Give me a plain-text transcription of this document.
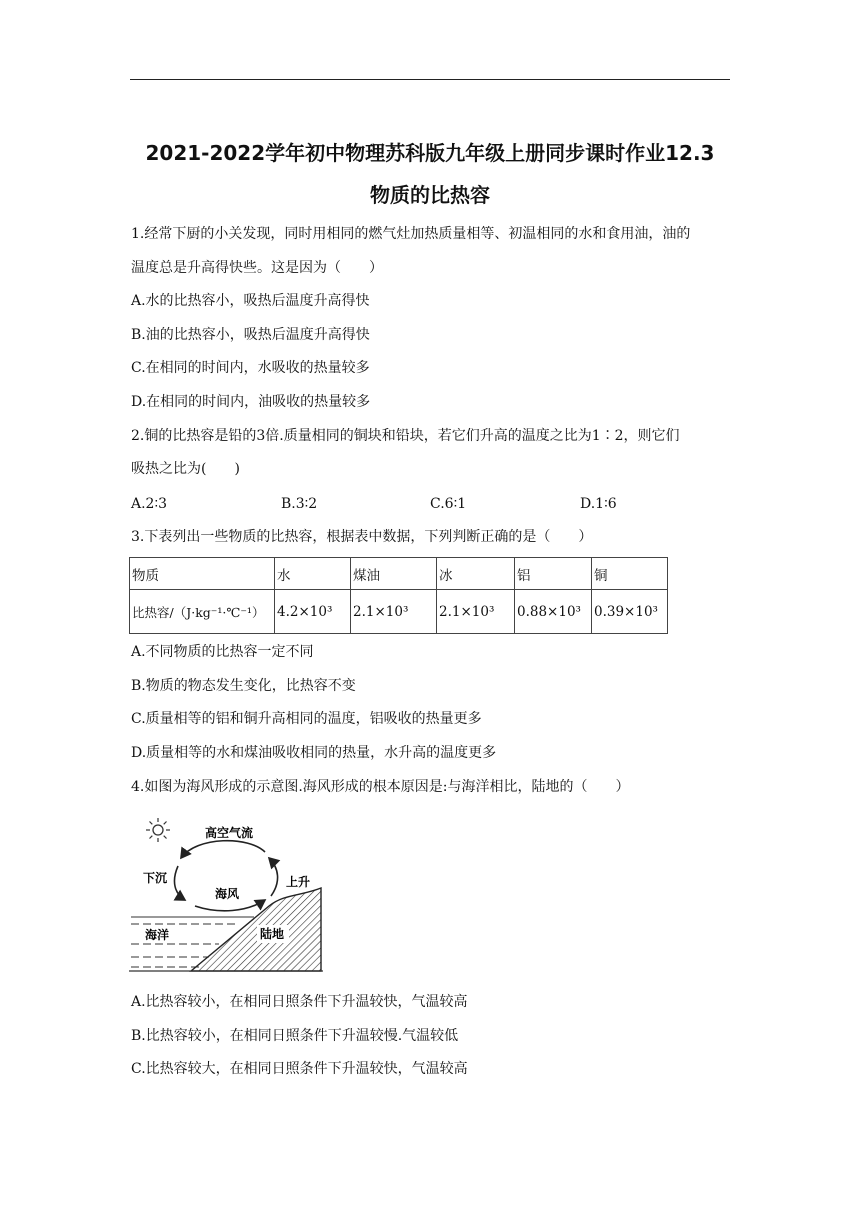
2021-2022学年初中物理苏科版九年级上册同步课时作业12.3
物质的比热容
1.经常下厨的小关发现，同时用相同的燃气灶加热质量相等、初温相同的水和食用油，油的
温度总是升高得快些。这是因为（　　）
A.水的比热容小，吸热后温度升高得快
B.油的比热容小，吸热后温度升高得快
C.在相同的时间内，水吸收的热量较多
D.在相同的时间内，油吸收的热量较多
2.铜的比热容是铅的3倍.质量相同的铜块和铅块，若它们升高的温度之比为1∶2，则它们
吸热之比为(　　)
A.2∶3	B.3∶2	C.6∶1	D.1∶6
3.下表列出一些物质的比热容，根据表中数据，下列判断正确的是（　　）
物质	水	煤油	冰	铝	铜
比热容/（J·kg⁻¹·℃⁻¹）	4.2×10³	2.1×10³	2.1×10³	0.88×10³	0.39×10³
A.不同物质的比热容一定不同
B.物质的物态发生变化，比热容不变
C.质量相等的铝和铜升高相同的温度，铝吸收的热量更多
D.质量相等的水和煤油吸收相同的热量，水升高的温度更多
4.如图为海风形成的示意图.海风形成的根本原因是:与海洋相比，陆地的（　　）
高空气流
下沉	上升
海风
海洋	陆地
A.比热容较小，在相同日照条件下升温较快，气温较高
B.比热容较小，在相同日照条件下升温较慢.气温较低
C.比热容较大，在相同日照条件下升温较快，气温较高
